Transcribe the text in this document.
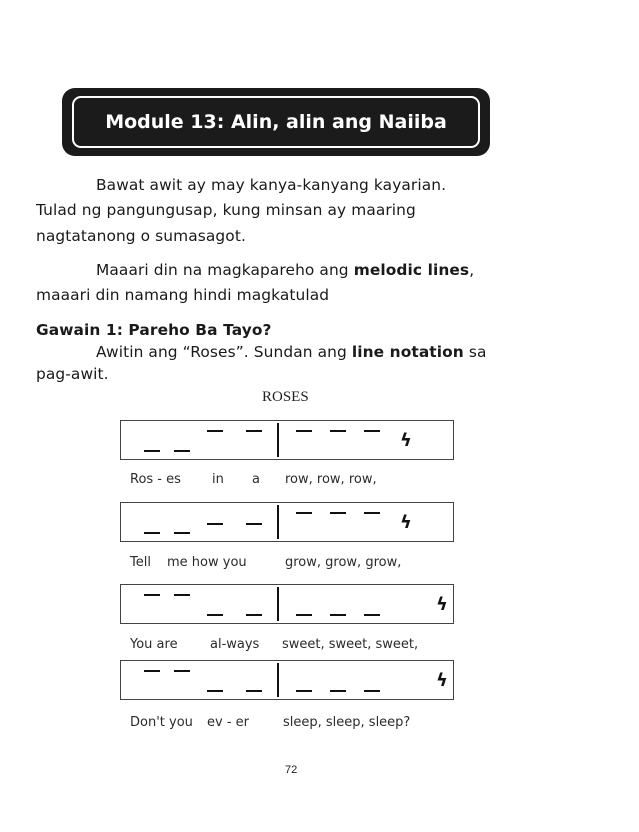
Module 13: Alin, alin ang Naiiba
Bawat awit ay may kanya-kanyang kayarian.
Tulad ng pangungusap, kung minsan ay maaring
nagtatanong o sumasagot.
Maaari din na magkapareho ang melodic lines,
maaari din namang hindi magkatulad
Gawain 1: Pareho Ba Tayo?
Awitin ang “Roses”. Sundan ang line notation sa
pag-awit.
ROSES
Ros - es in a row, row, row,
Tell me how you	grow, grow, grow,
You are al-ways sweet, sweet, sweet,
Don't you ev - er	sleep, sleep, sleep?
ϟ
ϟ
ϟ
ϟ
72
